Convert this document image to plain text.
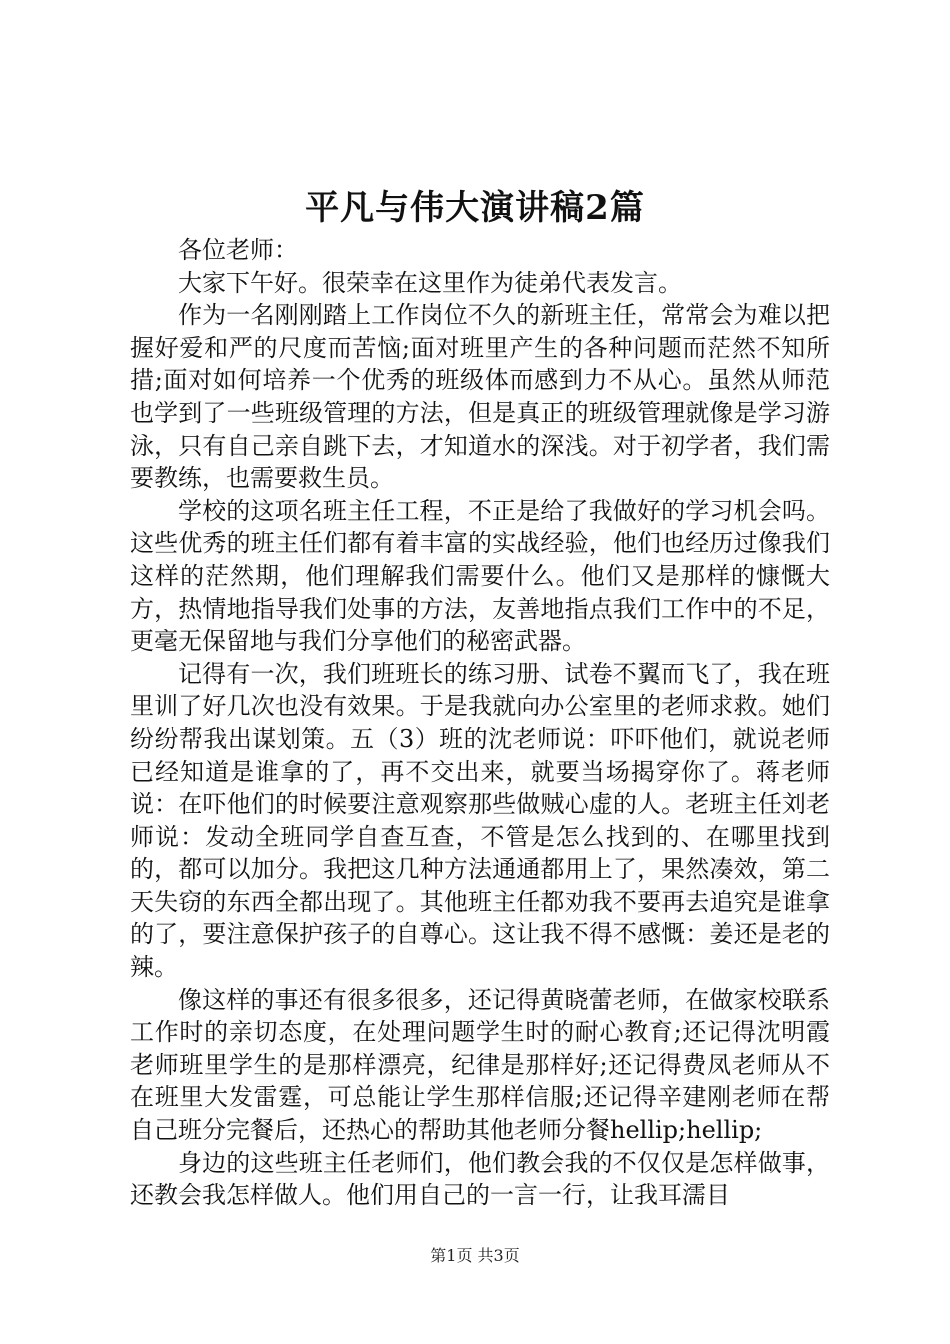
平凡与伟大演讲稿2篇

各位老师：

大家下午好。很荣幸在这里作为徒弟代表发言。

作为一名刚刚踏上工作岗位不久的新班主任，常常会为难以把握好爱和严的尺度而苦恼;面对班里产生的各种问题而茫然不知所措;面对如何培养一个优秀的班级体而感到力不从心。虽然从师范也学到了一些班级管理的方法，但是真正的班级管理就像是学习游泳，只有自己亲自跳下去，才知道水的深浅。对于初学者，我们需要教练，也需要救生员。

学校的这项名班主任工程，不正是给了我做好的学习机会吗。这些优秀的班主任们都有着丰富的实战经验，他们也经历过像我们这样的茫然期，他们理解我们需要什么。他们又是那样的慷慨大方，热情地指导我们处事的方法，友善地指点我们工作中的不足，更毫无保留地与我们分享他们的秘密武器。

记得有一次，我们班班长的练习册、试卷不翼而飞了，我在班里训了好几次也没有效果。于是我就向办公室里的老师求救。她们纷纷帮我出谋划策。五（3）班的沈老师说：吓吓他们，就说老师已经知道是谁拿的了，再不交出来，就要当场揭穿你了。蒋老师说：在吓他们的时候要注意观察那些做贼心虚的人。老班主任刘老师说：发动全班同学自查互查，不管是怎么找到的、在哪里找到的，都可以加分。我把这几种方法通通都用上了，果然凑效，第二天失窃的东西全都出现了。其他班主任都劝我不要再去追究是谁拿的了，要注意保护孩子的自尊心。这让我不得不感慨：姜还是老的辣。

像这样的事还有很多很多，还记得黄晓蕾老师，在做家校联系工作时的亲切态度，在处理问题学生时的耐心教育;还记得沈明霞老师班里学生的是那样漂亮，纪律是那样好;还记得费凤老师从不在班里大发雷霆，可总能让学生那样信服;还记得辛建刚老师在帮自己班分完餐后，还热心的帮助其他老师分餐hellip;hellip;

身边的这些班主任老师们，他们教会我的不仅仅是怎样做事，还教会我怎样做人。他们用自己的一言一行，让我耳濡目

第1页 共3页
